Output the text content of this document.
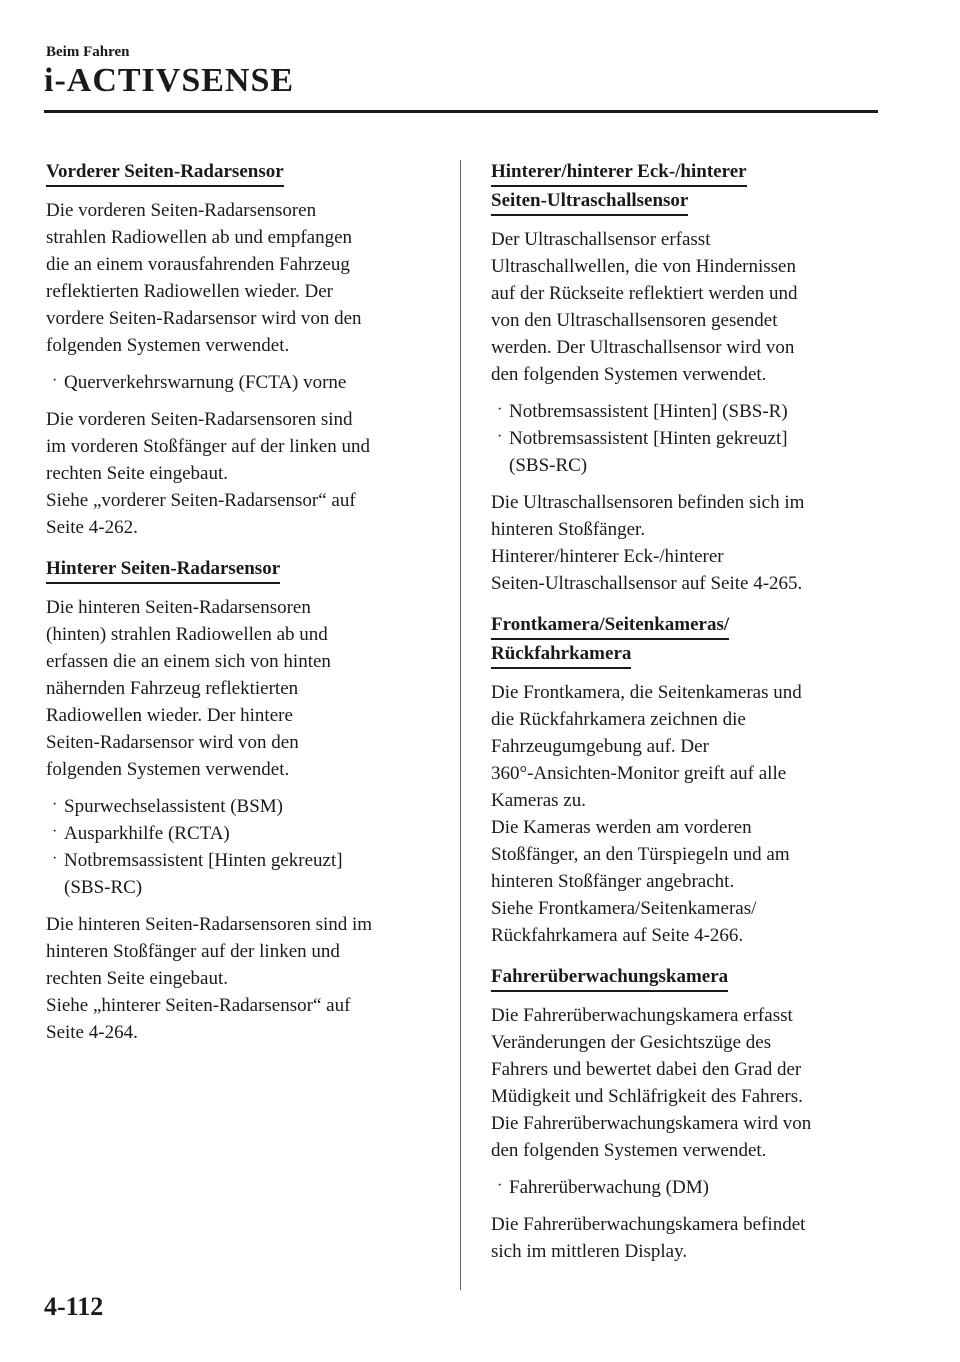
Beim Fahren

i-ACTIVSENSE
Vorderer Seiten-Radarsensor

Die vorderen Seiten-Radarsensoren
strahlen Radiowellen ab und empfangen
die an einem vorausfahrenden Fahrzeug
reflektierten Radiowellen wieder. Der
vordere Seiten-Radarsensor wird von den
folgenden Systemen verwendet.

· Querverkehrswarnung (FCTA) vorne

Die vorderen Seiten-Radarsensoren sind
im vorderen Stoßfänger auf der linken und
rechten Seite eingebaut.
Siehe „vorderer Seiten-Radarsensor“ auf
Seite 4-262.

Hinterer Seiten-Radarsensor

Die hinteren Seiten-Radarsensoren
(hinten) strahlen Radiowellen ab und
erfassen die an einem sich von hinten
nähernden Fahrzeug reflektierten
Radiowellen wieder. Der hintere
Seiten-Radarsensor wird von den
folgenden Systemen verwendet.

· Spurwechselassistent (BSM)
· Ausparkhilfe (RCTA)
· Notbremsassistent [Hinten gekreuzt]
(SBS-RC)

Die hinteren Seiten-Radarsensoren sind im
hinteren Stoßfänger auf der linken und
rechten Seite eingebaut.
Siehe „hinterer Seiten-Radarsensor“ auf
Seite 4-264.

Hinterer/hinterer Eck-/hinterer
Seiten-Ultraschallsensor

Der Ultraschallsensor erfasst
Ultraschallwellen, die von Hindernissen
auf der Rückseite reflektiert werden und
von den Ultraschallsensoren gesendet
werden. Der Ultraschallsensor wird von
den folgenden Systemen verwendet.

· Notbremsassistent [Hinten] (SBS-R)
· Notbremsassistent [Hinten gekreuzt]
(SBS-RC)

Die Ultraschallsensoren befinden sich im
hinteren Stoßfänger.
Hinterer/hinterer Eck-/hinterer
Seiten-Ultraschallsensor auf Seite 4-265.

Frontkamera/Seitenkameras/
Rückfahrkamera

Die Frontkamera, die Seitenkameras und
die Rückfahrkamera zeichnen die
Fahrzeugumgebung auf. Der
360°-Ansichten-Monitor greift auf alle
Kameras zu.
Die Kameras werden am vorderen
Stoßfänger, an den Türspiegeln und am
hinteren Stoßfänger angebracht.
Siehe Frontkamera/Seitenkameras/
Rückfahrkamera auf Seite 4-266.

Fahrerüberwachungskamera

Die Fahrerüberwachungskamera erfasst
Veränderungen der Gesichtszüge des
Fahrers und bewertet dabei den Grad der
Müdigkeit und Schläfrigkeit des Fahrers.
Die Fahrerüberwachungskamera wird von
den folgenden Systemen verwendet.

· Fahrerüberwachung (DM)

Die Fahrerüberwachungskamera befindet
sich im mittleren Display.

4-112
